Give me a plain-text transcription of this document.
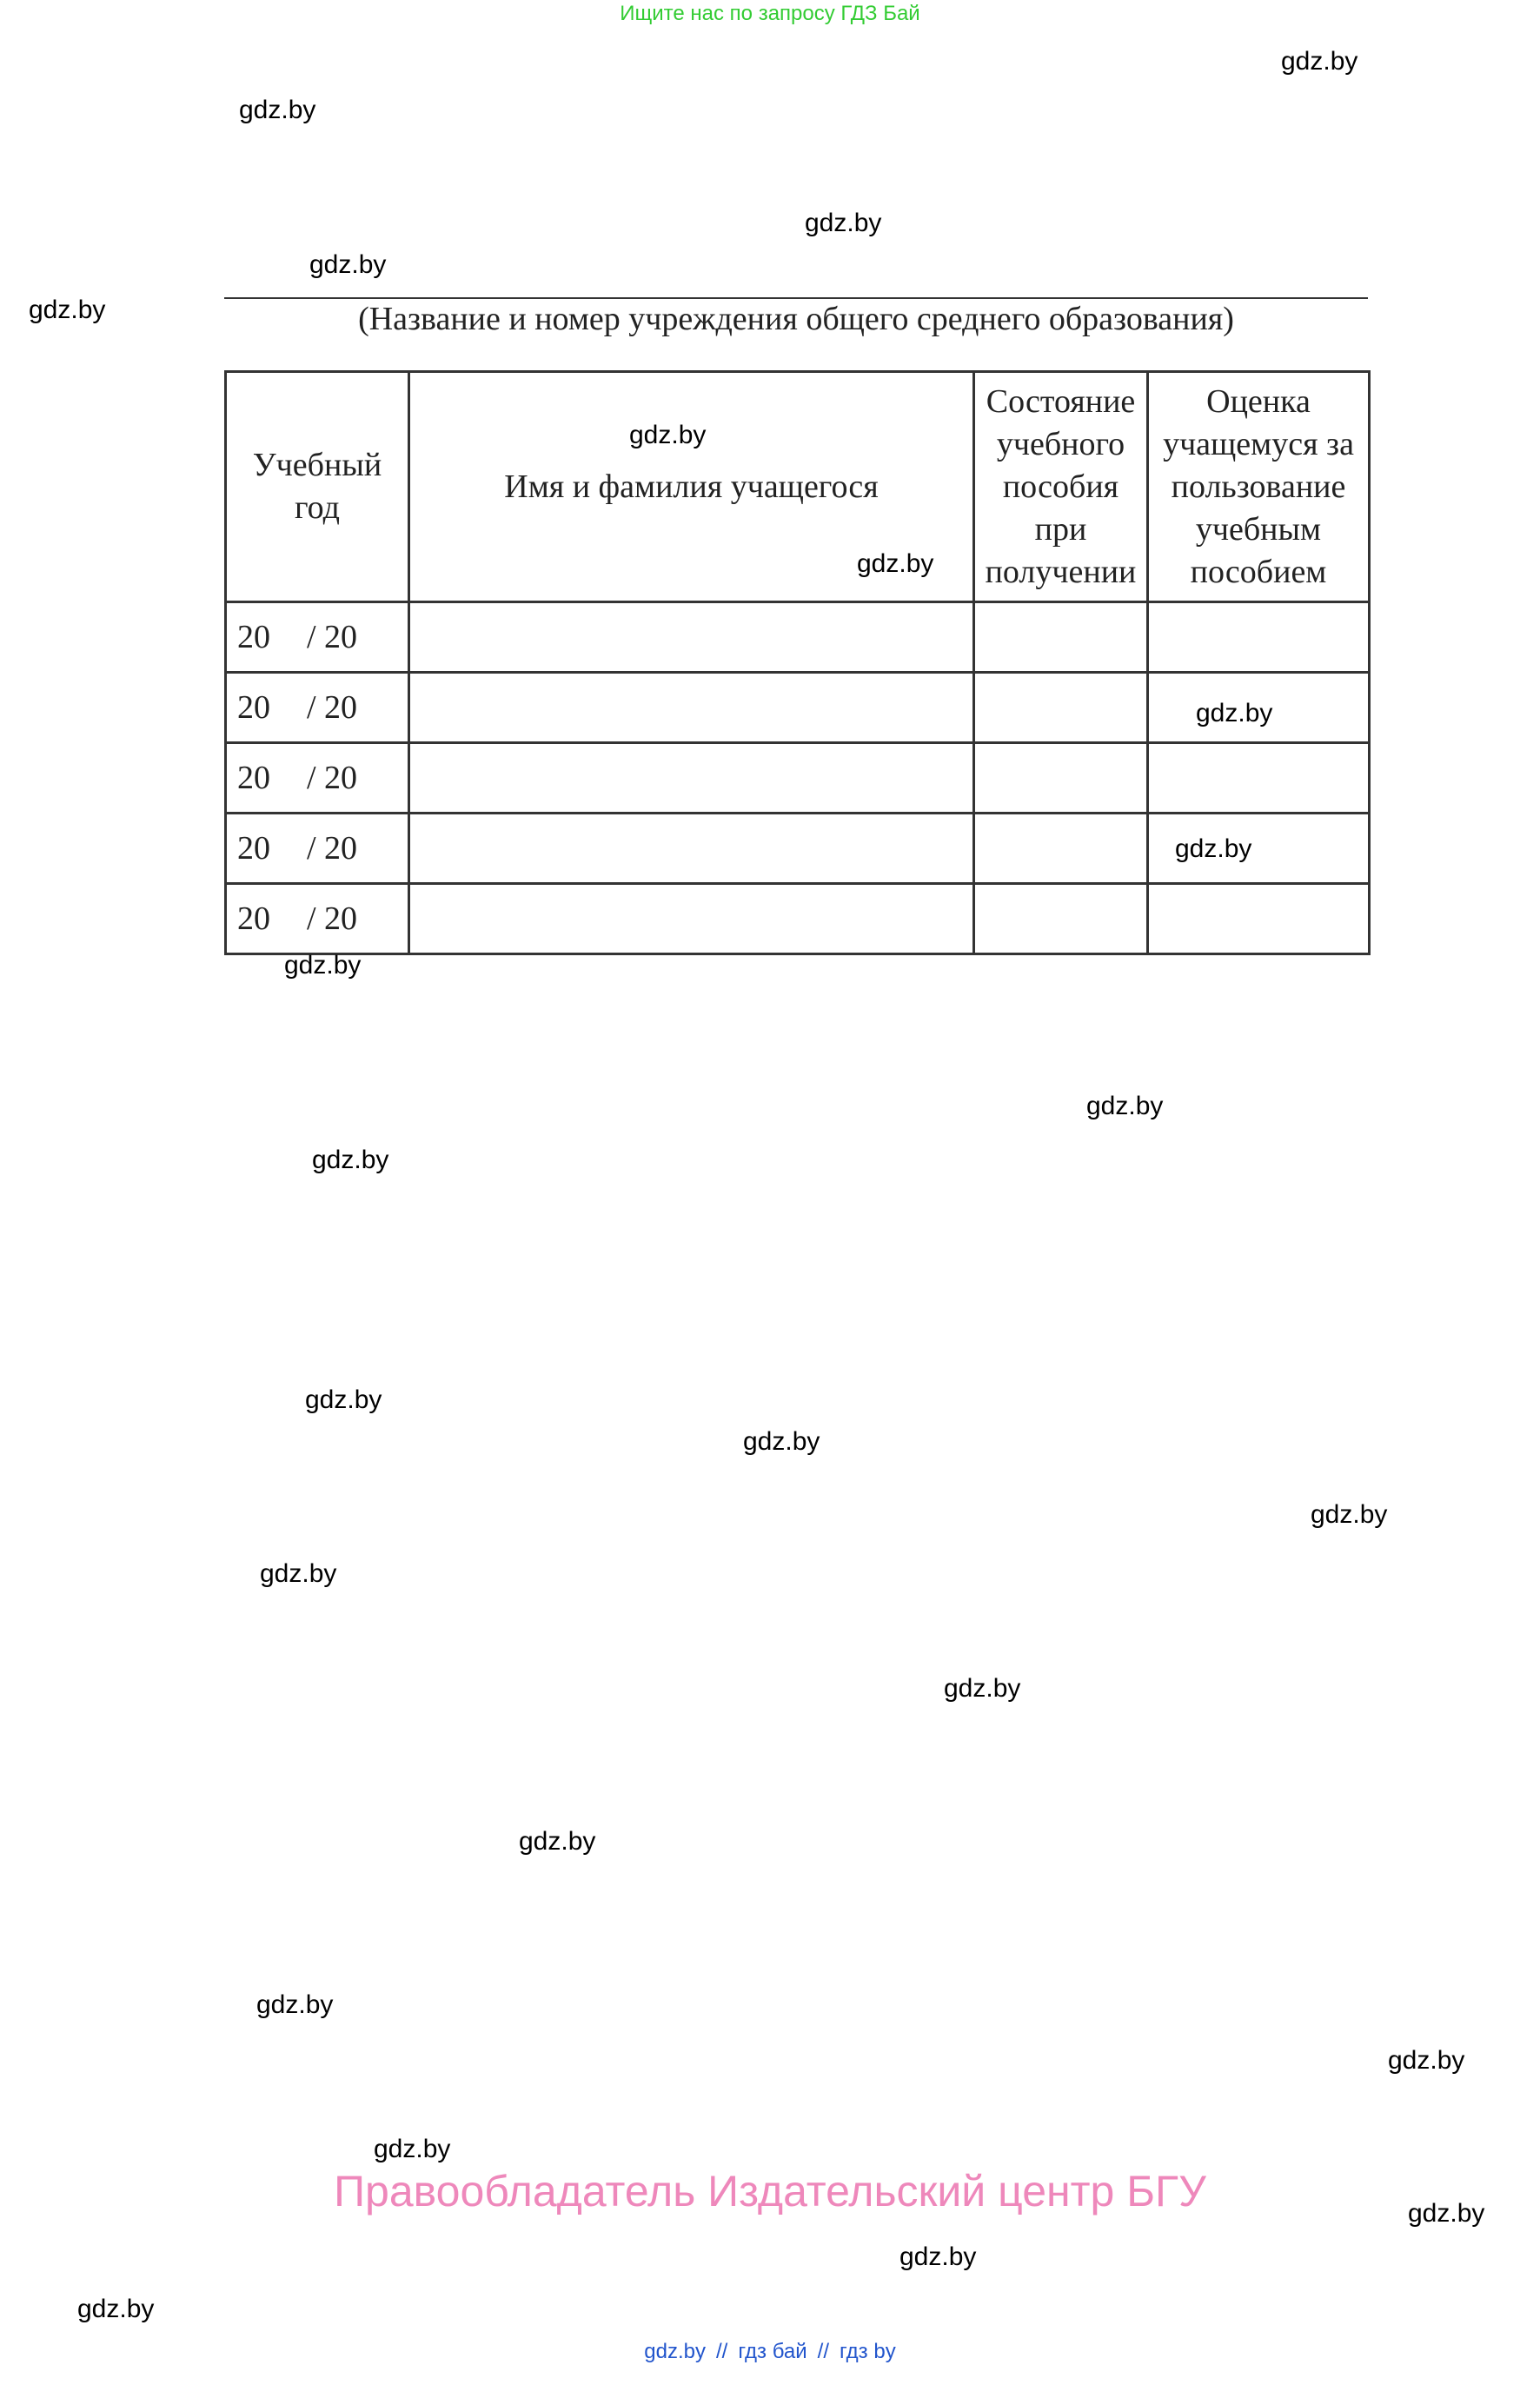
Ищите нас по запросу ГДЗ Бай
gdz.by
gdz.by
gdz.by
gdz.by
gdz.by	(Название и номер учреждения общего среднего образования)
Учебный год	Имя и фамилия учащегося	Состояние учебного пособия при получении	Оценка учащемуся за пользование учебным пособием
20 / 20			
20 / 20			
20 / 20			
20 / 20			
20 / 20			
gdz.by
gdz.by
gdz.by
gdz.by
gdz.by
gdz.by
gdz.by
gdz.by
gdz.by
gdz.by
gdz.by
gdz.by
gdz.by
gdz.by
gdz.by
gdz.by
gdz.by
gdz.by
gdz.by
Правообладатель Издательский центр БГУ
gdz.by // гдз бай // гдз by
